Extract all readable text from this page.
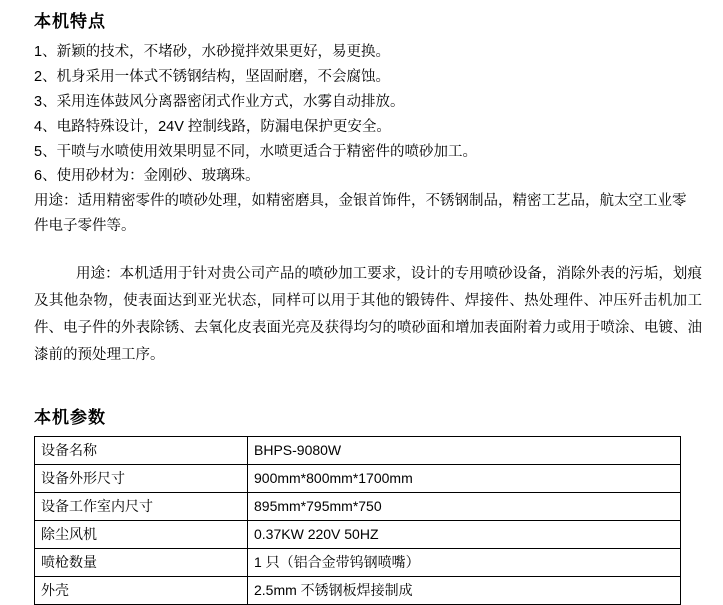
本机特点
1、新颖的技术，不堵砂，水砂搅拌效果更好，易更换。
2、机身采用一体式不锈钢结构，坚固耐磨，不会腐蚀。
3、采用连体鼓风分离器密闭式作业方式，水雾自动排放。
4、电路特殊设计，24V 控制线路，防漏电保护更安全。
5、干喷与水喷使用效果明显不同，水喷更适合于精密件的喷砂加工。
6、使用砂材为：金刚砂、玻璃珠。

用途：适用精密零件的喷砂处理，如精密磨具，金银首饰件，不锈钢制品，精密工艺品，航太空工业零件电子零件等。

用途：本机适用于针对贵公司产品的喷砂加工要求，设计的专用喷砂设备，消除外表的污垢，划痕及其他杂物，使表面达到亚光状态，同样可以用于其他的锻铸件、焊接件、热处理件、冲压歼击机加工件、电子件的外表除锈、去氧化皮表面光亮及获得均匀的喷砂面和增加表面附着力或用于喷涂、电镀、油漆前的预处理工序。

本机参数
设备名称	BHPS-9080W
设备外形尺寸	900mm*800mm*1700mm
设备工作室内尺寸	895mm*795mm*750
除尘风机	0.37KW 220V 50HZ
喷枪数量	1 只（铝合金带钨钢喷嘴）
外壳	2.5mm 不锈钢板焊接制成
